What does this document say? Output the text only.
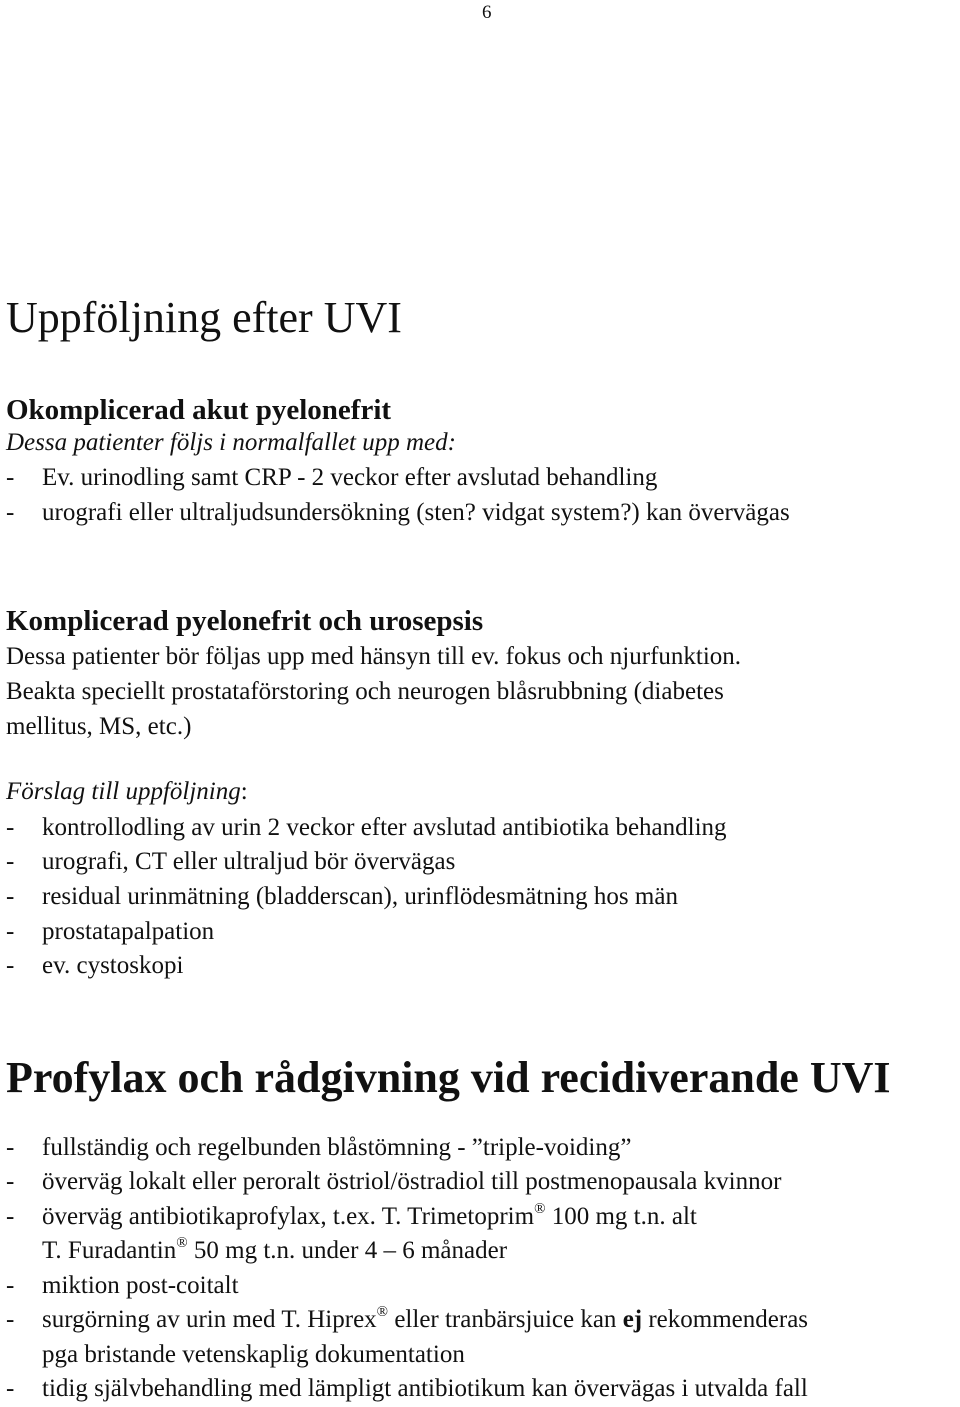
6
Uppföljning efter UVI
Okomplicerad akut pyelonefrit
Dessa patienter följs i normalfallet upp med:
- Ev. urinodling samt CRP - 2 veckor efter avslutad behandling
- urografi eller ultraljudsundersökning (sten? vidgat system?) kan övervägas
Komplicerad pyelonefrit och urosepsis
Dessa patienter bör följas upp med hänsyn till ev. fokus och njurfunktion.
Beakta speciellt prostataförstoring och neurogen blåsrubbning (diabetes
mellitus, MS, etc.)
Förslag till uppföljning:
- kontrollodling av urin 2 veckor efter avslutad antibiotika behandling
- urografi, CT eller ultraljud bör övervägas
- residual urinmätning (bladderscan), urinflödesmätning hos män
- prostatapalpation
- ev. cystoskopi
Profylax och rådgivning vid recidiverande UVI
- fullständig och regelbunden blåstömning - ”triple-voiding”
- överväg lokalt eller peroralt östriol/östradiol till postmenopausala kvinnor
- överväg antibiotikaprofylax, t.ex. T. Trimetoprim® 100 mg t.n. alt
T. Furadantin® 50 mg t.n. under 4 – 6 månader
- miktion post-coitalt
- surgörning av urin med T. Hiprex® eller tranbärsjuice kan ej rekommenderas
pga bristande vetenskaplig dokumentation
- tidig självbehandling med lämpligt antibiotikum kan övervägas i utvalda fall
